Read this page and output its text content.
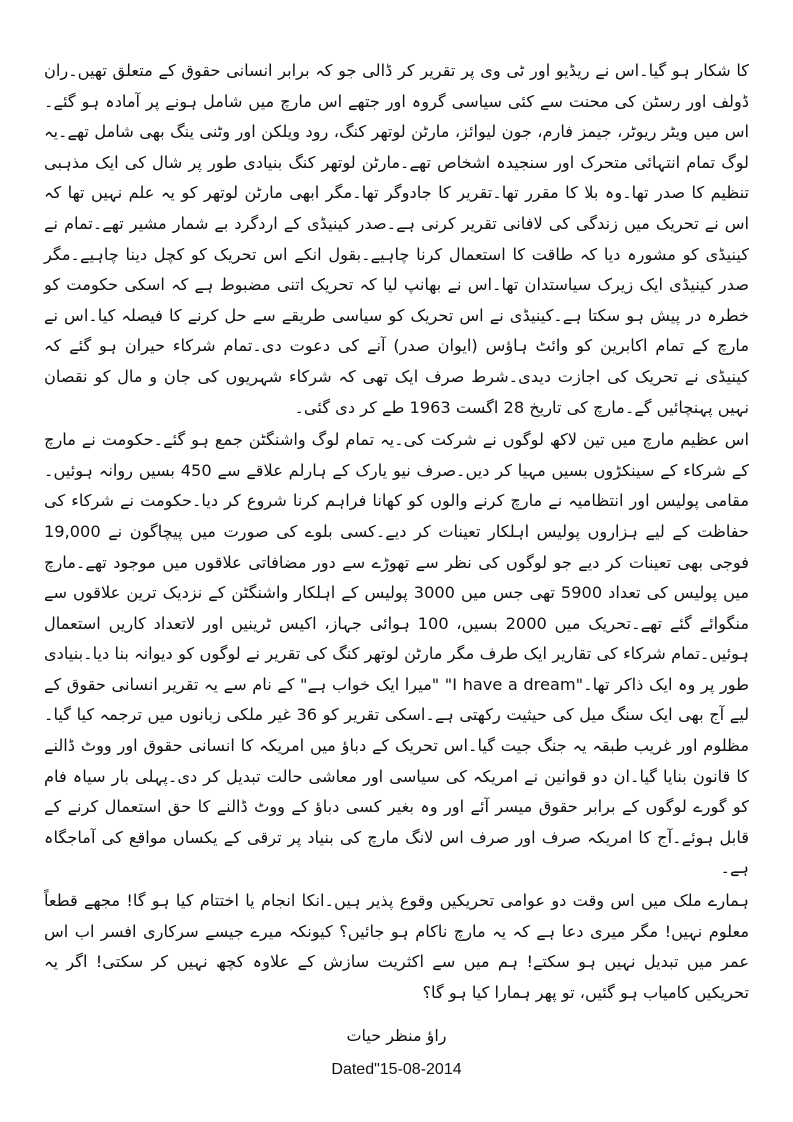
کا شکار ہو گیا۔اس نے ریڈیو اور ٹی وی پر تقریر کر ڈالی جو کہ برابر انسانی حقوق کے متعلق تھیں۔ران ڈولف اور رسٹن کی محنت سے کئی سیاسی گروہ اور جتھے اس مارچ میں شامل ہونے پر آمادہ ہو گئے۔اس میں ویٹر ریوٹر، جیمز فارم، جون لیوائز، مارٹن لوتھر کنگ، رود ویلکن اور وٹنی ینگ بھی شامل تھے۔یہ لوگ تمام انتہائی متحرک اور سنجیدہ اشخاص تھے۔مارٹن لوتھر کنگ بنیادی طور پر شال کی ایک مذہبی تنظیم کا صدر تھا۔وہ بلا کا مقرر تھا۔تقریر کا جادوگر تھا۔مگر ابھی مارٹن لوتھر کو یہ علم نہیں تھا کہ اس نے تحریک میں زندگی کی لافانی تقریر کرنی ہے۔صدر کینیڈی کے اردگرد بے شمار مشیر تھے۔تمام نے کینیڈی کو مشورہ دیا کہ طاقت کا استعمال کرنا چاہیے۔بقول انکے اس تحریک کو کچل دینا چاہیے۔مگر صدر کینیڈی ایک زیرک سیاستدان تھا۔اس نے بھانپ لیا کہ تحریک اتنی مضبوط ہے کہ اسکی حکومت کو خطرہ در پیش ہو سکتا ہے۔کینیڈی نے اس تحریک کو سیاسی طریقے سے حل کرنے کا فیصلہ کیا۔اس نے مارچ کے تمام اکابرین کو وائٹ ہاؤس (ایوان صدر) آنے کی دعوت دی۔تمام شرکاء حیران ہو گئے کہ کینیڈی نے تحریک کی اجازت دیدی۔شرط صرف ایک تھی کہ شرکاء شہریوں کی جان و مال کو نقصان نہیں پہنچائیں گے۔مارچ کی تاریخ 28 اگست 1963 طے کر دی گئی۔

اس عظیم مارچ میں تین لاکھ لوگوں نے شرکت کی۔یہ تمام لوگ واشنگٹن جمع ہو گئے۔حکومت نے مارچ کے شرکاء کے سینکڑوں بسیں مہیا کر دیں۔صرف نیو یارک کے ہارلم علاقے سے 450 بسیں روانہ ہوئیں۔مقامی پولیس اور انتظامیہ نے مارچ کرنے والوں کو کھانا فراہم کرنا شروع کر دیا۔حکومت نے شرکاء کی حفاظت کے لیے ہزاروں پولیس اہلکار تعینات کر دیے۔کسی بلوے کی صورت میں پیچاگون نے 19,000 فوجی بھی تعینات کر دیے جو لوگوں کی نظر سے تھوڑے سے دور مضافاتی علاقوں میں موجود تھے۔مارچ میں پولیس کی تعداد 5900 تھی جس میں 3000 پولیس کے اہلکار واشنگٹن کے نزدیک ترین علاقوں سے منگوائے گئے تھے۔تحریک میں 2000 بسیں، 100 ہوائی جہاز، اکیس ٹرینیں اور لاتعداد کاریں استعمال ہوئیں۔تمام شرکاء کی تقاریر ایک طرف مگر مارٹن لوتھر کنگ کی تقریر نے لوگوں کو دیوانہ بنا دیا۔بنیادی طور پر وہ ایک ذاکر تھا۔"I have a dream" "میرا ایک خواب ہے" کے نام سے یہ تقریر انسانی حقوق کے لیے آج بھی ایک سنگ میل کی حیثیت رکھتی ہے۔اسکی تقریر کو 36 غیر ملکی زبانوں میں ترجمہ کیا گیا۔مظلوم اور غریب طبقہ یہ جنگ جیت گیا۔اس تحریک کے دباؤ میں امریکہ کا انسانی حقوق اور ووٹ ڈالنے کا قانون بنایا گیا۔ان دو قوانین نے امریکہ کی سیاسی اور معاشی حالت تبدیل کر دی۔پہلی بار سیاہ فام کو گورے لوگوں کے برابر حقوق میسر آئے اور وہ بغیر کسی دباؤ کے ووٹ ڈالنے کا حق استعمال کرنے کے قابل ہوئے۔آج کا امریکہ صرف اور صرف اس لانگ مارچ کی بنیاد پر ترقی کے یکساں مواقع کی آماجگاہ ہے۔

ہمارے ملک میں اس وقت دو عوامی تحریکیں وقوع پذیر ہیں۔انکا انجام یا اختتام کیا ہو گا! مجھے قطعاً معلوم نہیں! مگر میری دعا ہے کہ یہ مارچ ناکام ہو جائیں؟ کیونکہ میرے جیسے سرکاری افسر اب اس عمر میں تبدیل نہیں ہو سکتے! ہم میں سے اکثریت سازش کے علاوہ کچھ نہیں کر سکتی! اگر یہ تحریکیں کامیاب ہو گئیں، تو پھر ہمارا کیا ہو گا؟

راؤ منظر حیات
Dated"15-08-2014
